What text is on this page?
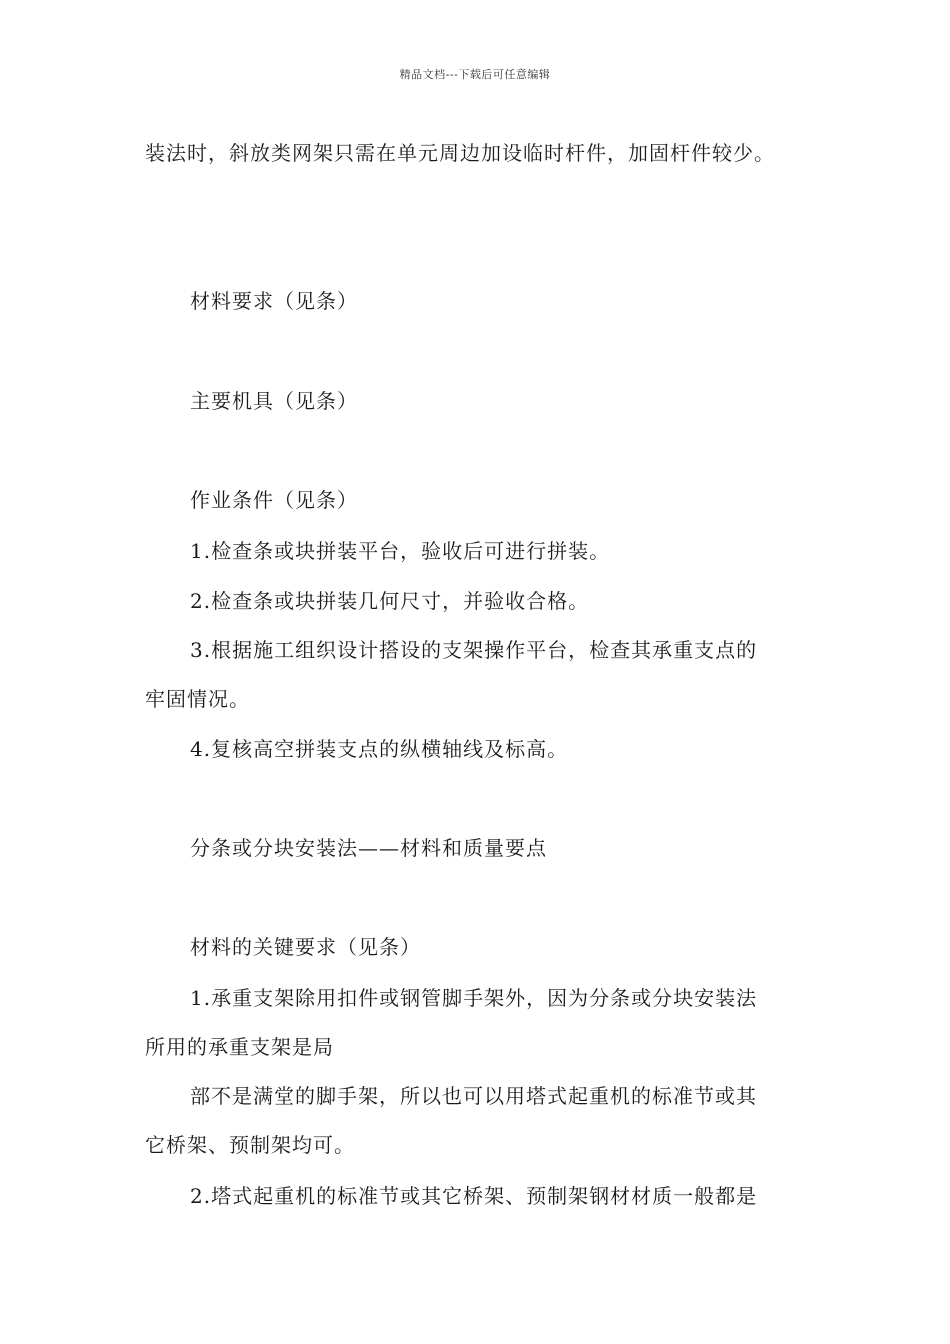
精品文档---下载后可任意编辑
装法时，斜放类网架只需在单元周边加设临时杆件，加固杆件较少。
材料要求（见条）
主要机具（见条）
作业条件（见条）
1.检查条或块拼装平台，验收后可进行拼装。
2.检查条或块拼装几何尺寸，并验收合格。
3.根据施工组织设计搭设的支架操作平台，检查其承重支点的
牢固情况。
4.复核高空拼装支点的纵横轴线及标高。
分条或分块安装法——材料和质量要点
材料的关键要求（见条）
1.承重支架除用扣件或钢管脚手架外，因为分条或分块安装法
所用的承重支架是局
部不是满堂的脚手架，所以也可以用塔式起重机的标准节或其
它桥架、预制架均可。
2.塔式起重机的标准节或其它桥架、预制架钢材材质一般都是
